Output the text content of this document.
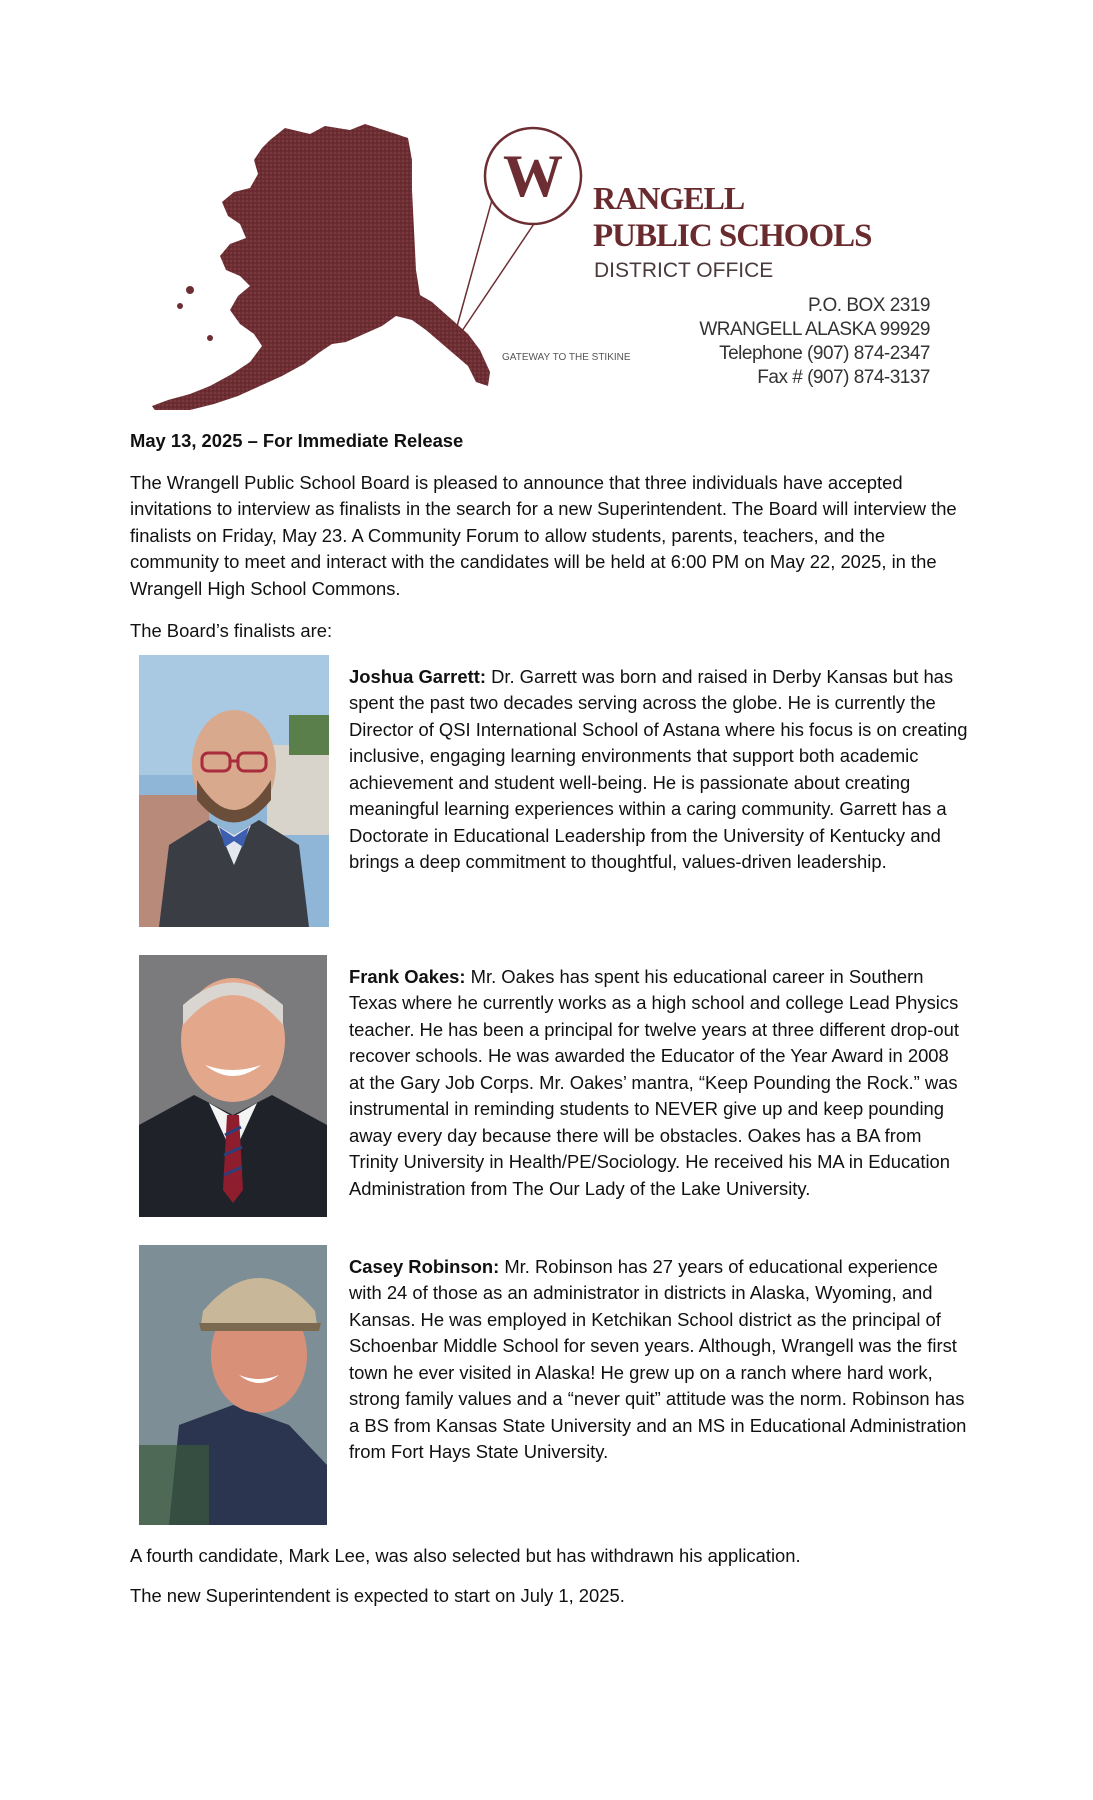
W RANGELL
PUBLIC SCHOOLS
DISTRICT OFFICE
GATEWAY TO THE STIKINE
P.O. BOX 2319
WRANGELL ALASKA 99929
Telephone (907) 874-2347
Fax # (907) 874-3137

May 13, 2025 – For Immediate Release

The Wrangell Public School Board is pleased to announce that three individuals have accepted invitations to interview as finalists in the search for a new Superintendent. The Board will interview the finalists on Friday, May 23. A Community Forum to allow students, parents, teachers, and the community to meet and interact with the candidates will be held at 6:00 PM on May 22, 2025, in the Wrangell High School Commons.

The Board’s finalists are:

Joshua Garrett: Dr. Garrett was born and raised in Derby Kansas but has spent the past two decades serving across the globe. He is currently the Director of QSI International School of Astana where his focus is on creating inclusive, engaging learning environments that support both academic achievement and student well-being. He is passionate about creating meaningful learning experiences within a caring community. Garrett has a Doctorate in Educational Leadership from the University of Kentucky and brings a deep commitment to thoughtful, values-driven leadership.

Frank Oakes: Mr. Oakes has spent his educational career in Southern Texas where he currently works as a high school and college Lead Physics teacher. He has been a principal for twelve years at three different drop-out recover schools. He was awarded the Educator of the Year Award in 2008 at the Gary Job Corps. Mr. Oakes’ mantra, “Keep Pounding the Rock.” was instrumental in reminding students to NEVER give up and keep pounding away every day because there will be obstacles. Oakes has a BA from Trinity University in Health/PE/Sociology. He received his MA in Education Administration from The Our Lady of the Lake University.

Casey Robinson: Mr. Robinson has 27 years of educational experience with 24 of those as an administrator in districts in Alaska, Wyoming, and Kansas. He was employed in Ketchikan School district as the principal of Schoenbar Middle School for seven years. Although, Wrangell was the first town he ever visited in Alaska! He grew up on a ranch where hard work, strong family values and a “never quit” attitude was the norm. Robinson has a BS from Kansas State University and an MS in Educational Administration from Fort Hays State University.

A fourth candidate, Mark Lee, was also selected but has withdrawn his application.

The new Superintendent is expected to start on July 1, 2025.
